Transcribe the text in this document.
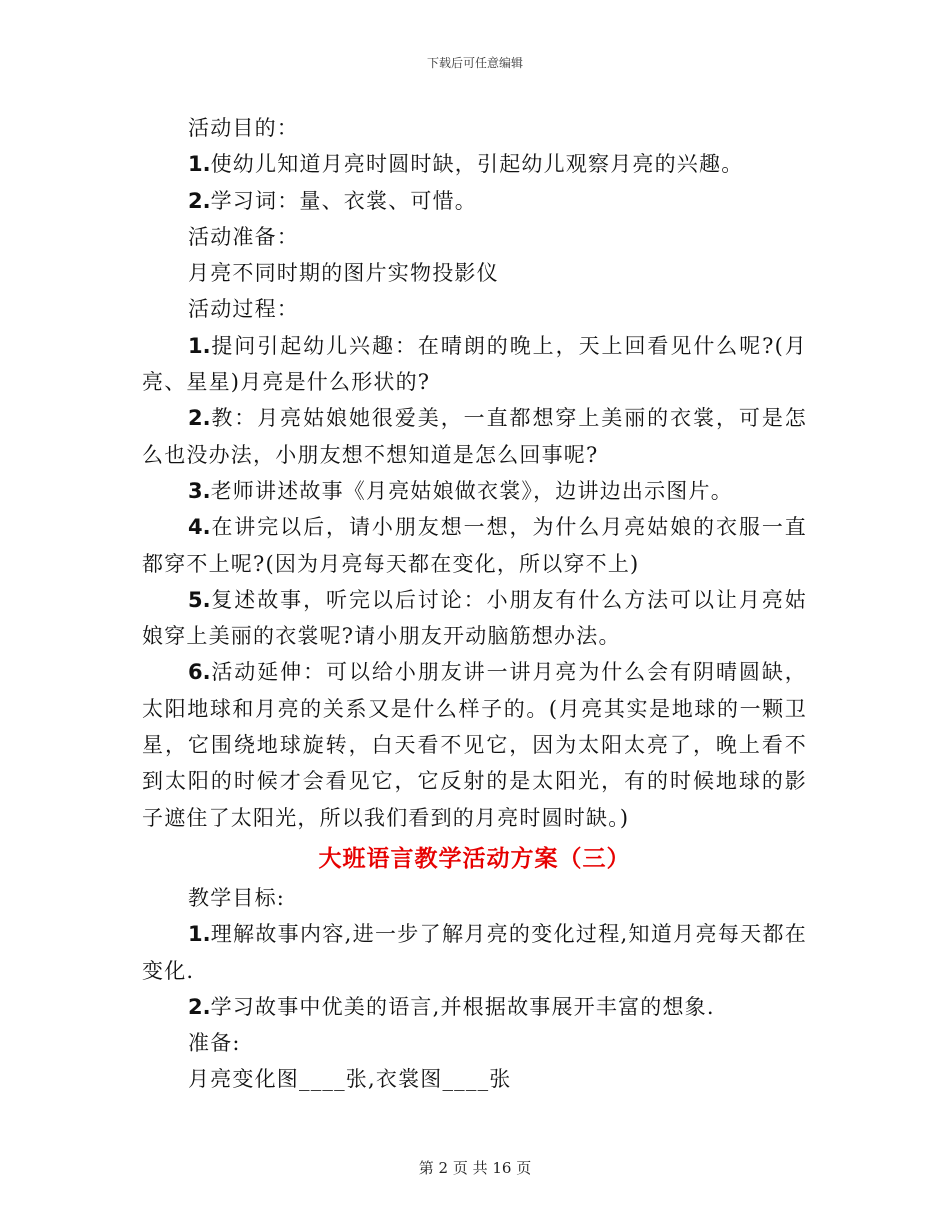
下载后可任意编辑

活动目的：

1.使幼儿知道月亮时圆时缺，引起幼儿观察月亮的兴趣。

2.学习词：量、衣裳、可惜。

活动准备：

月亮不同时期的图片实物投影仪

活动过程：

1.提问引起幼儿兴趣：在晴朗的晚上，天上回看见什么呢?(月亮、星星)月亮是什么形状的?

2.教：月亮姑娘她很爱美，一直都想穿上美丽的衣裳，可是怎么也没办法，小朋友想不想知道是怎么回事呢?

3.老师讲述故事《月亮姑娘做衣裳》，边讲边出示图片。

4.在讲完以后，请小朋友想一想，为什么月亮姑娘的衣服一直都穿不上呢?(因为月亮每天都在变化，所以穿不上)

5.复述故事，听完以后讨论：小朋友有什么方法可以让月亮姑娘穿上美丽的衣裳呢?请小朋友开动脑筋想办法。

6.活动延伸：可以给小朋友讲一讲月亮为什么会有阴晴圆缺，太阳地球和月亮的关系又是什么样子的。(月亮其实是地球的一颗卫星，它围绕地球旋转，白天看不见它，因为太阳太亮了，晚上看不到太阳的时候才会看见它，它反射的是太阳光，有的时候地球的影子遮住了太阳光，所以我们看到的月亮时圆时缺。)

大班语言教学活动方案（三）

教学目标:

1.理解故事内容,进一步了解月亮的变化过程,知道月亮每天都在变化.

2.学习故事中优美的语言,并根据故事展开丰富的想象.

准备:

月亮变化图____张,衣裳图____张

第 2 页 共 16 页
